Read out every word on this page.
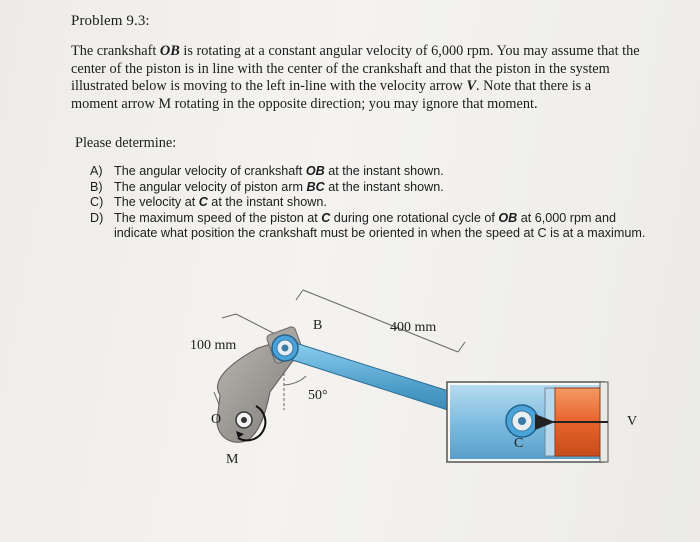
Problem 9.3:
The crankshaft OB is rotating at a constant angular velocity of 6,000 rpm. You may assume that the center of the piston is in line with the center of the crankshaft and that the piston in the system illustrated below is moving to the left in-line with the velocity arrow V. Note that there is a moment arrow M rotating in the opposite direction; you may ignore that moment.
Please determine:
A) The angular velocity of crankshaft OB at the instant shown.
B) The angular velocity of piston arm BC at the instant shown.
C) The velocity at C at the instant shown.
D) The maximum speed of the piston at C during one rotational cycle of OB at 6,000 rpm and indicate what position the crankshaft must be oriented in when the speed at C is at a maximum.
B	400 mm
100 mm
O
50°
C
V
M
